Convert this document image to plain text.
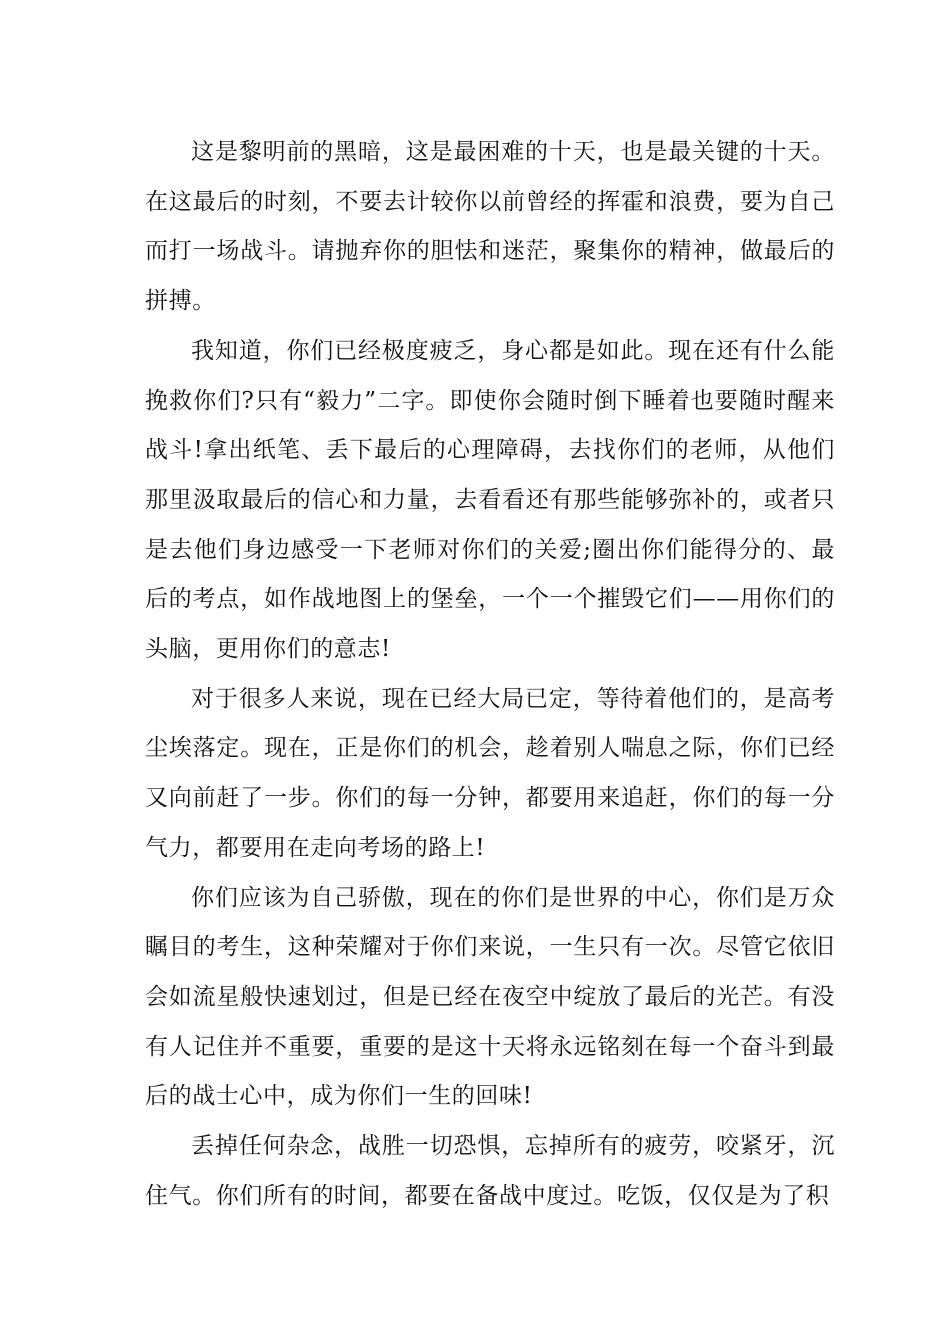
这是黎明前的黑暗，这是最困难的十天，也是最关键的十天。在这最后的时刻，不要去计较你以前曾经的挥霍和浪费，要为自己而打一场战斗。请抛弃你的胆怯和迷茫，聚集你的精神，做最后的拼搏。

我知道，你们已经极度疲乏，身心都是如此。现在还有什么能挽救你们?只有“毅力”二字。即使你会随时倒下睡着也要随时醒来战斗!拿出纸笔、丢下最后的心理障碍，去找你们的老师，从他们那里汲取最后的信心和力量，去看看还有那些能够弥补的，或者只是去他们身边感受一下老师对你们的关爱;圈出你们能得分的、最后的考点，如作战地图上的堡垒，一个一个摧毁它们——用你们的头脑，更用你们的意志!

对于很多人来说，现在已经大局已定，等待着他们的，是高考尘埃落定。现在，正是你们的机会，趁着别人喘息之际，你们已经又向前赶了一步。你们的每一分钟，都要用来追赶，你们的每一分气力，都要用在走向考场的路上!

你们应该为自己骄傲，现在的你们是世界的中心，你们是万众瞩目的考生，这种荣耀对于你们来说，一生只有一次。尽管它依旧会如流星般快速划过，但是已经在夜空中绽放了最后的光芒。有没有人记住并不重要，重要的是这十天将永远铭刻在每一个奋斗到最后的战士心中，成为你们一生的回味!

丢掉任何杂念，战胜一切恐惧，忘掉所有的疲劳，咬紧牙，沉住气。你们所有的时间，都要在备战中度过。吃饭，仅仅是为了积
